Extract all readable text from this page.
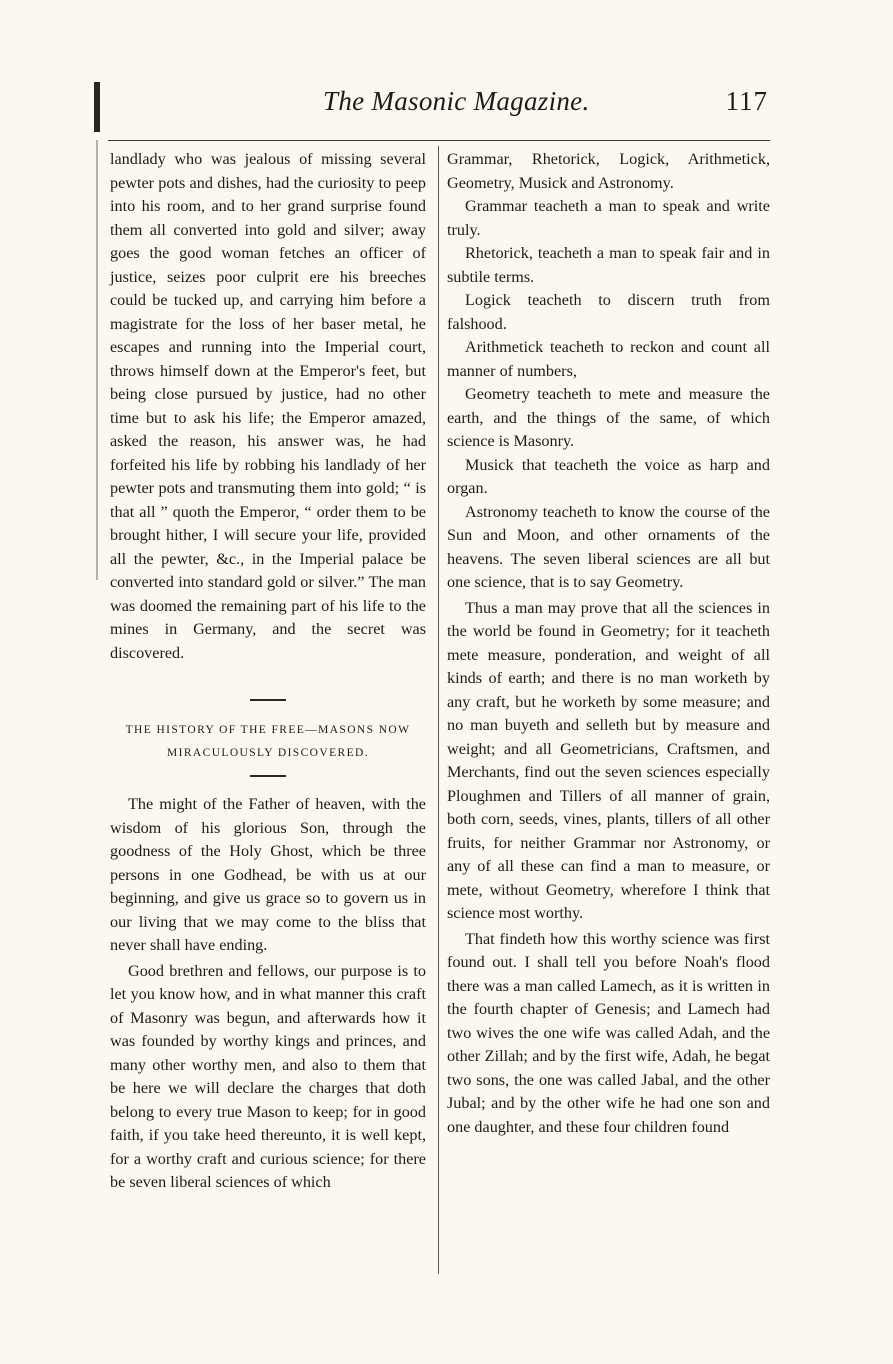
The Masonic Magazine.	117

landlady who was jealous of missing several pewter pots and dishes, had the curiosity to peep into his room, and to her grand surprise found them all converted into gold and silver; away goes the good woman fetches an officer of justice, seizes poor culprit ere his breeches could be tucked up, and carrying him before a magistrate for the loss of her baser metal, he escapes and running into the Imperial court, throws himself down at the Emperor's feet, but being close pursued by justice, had no other time but to ask his life; the Emperor amazed, asked the reason, his answer was, he had forfeited his life by robbing his landlady of her pewter pots and transmuting them into gold; “ is that all ” quoth the Emperor, “ order them to be brought hither, I will secure your life, provided all the pewter, &c., in the Imperial palace be converted into standard gold or silver.” The man was doomed the remaining part of his life to the mines in Germany, and the secret was discovered.

THE HISTORY OF THE FREE—MASONS NOW
MIRACULOUSLY DISCOVERED.

The might of the Father of heaven, with the wisdom of his glorious Son, through the goodness of the Holy Ghost, which be three persons in one Godhead, be with us at our beginning, and give us grace so to govern us in our living that we may come to the bliss that never shall have ending.

Good brethren and fellows, our purpose is to let you know how, and in what manner this craft of Masonry was begun, and afterwards how it was founded by worthy kings and princes, and many other worthy men, and also to them that be here we will declare the charges that doth belong to every true Mason to keep; for in good faith, if you take heed thereunto, it is well kept, for a worthy craft and curious science; for there be seven liberal sciences of which

Grammar, Rhetorick, Logick, Arithmetick, Geometry, Musick and Astronomy.

Grammar teacheth a man to speak and write truly.

Rhetorick, teacheth a man to speak fair and in subtile terms.

Logick teacheth to discern truth from falshood.

Arithmetick teacheth to reckon and count all manner of numbers,

Geometry teacheth to mete and measure the earth, and the things of the same, of which science is Masonry.

Musick that teacheth the voice as harp and organ.

Astronomy teacheth to know the course of the Sun and Moon, and other ornaments of the heavens. The seven liberal sciences are all but one science, that is to say Geometry.

Thus a man may prove that all the sciences in the world be found in Geometry; for it teacheth mete measure, ponderation, and weight of all kinds of earth; and there is no man worketh by any craft, but he worketh by some measure; and no man buyeth and selleth but by measure and weight; and all Geometricians, Craftsmen, and Merchants, find out the seven sciences especially Ploughmen and Tillers of all manner of grain, both corn, seeds, vines, plants, tillers of all other fruits, for neither Grammar nor Astronomy, or any of all these can find a man to measure, or mete, without Geometry, wherefore I think that science most worthy.

That findeth how this worthy science was first found out. I shall tell you before Noah's flood there was a man called Lamech, as it is written in the fourth chapter of Genesis; and Lamech had two wives the one wife was called Adah, and the other Zillah; and by the first wife, Adah, he begat two sons, the one was called Jabal, and the other Jubal; and by the other wife he had one son and one daughter, and these four children found
